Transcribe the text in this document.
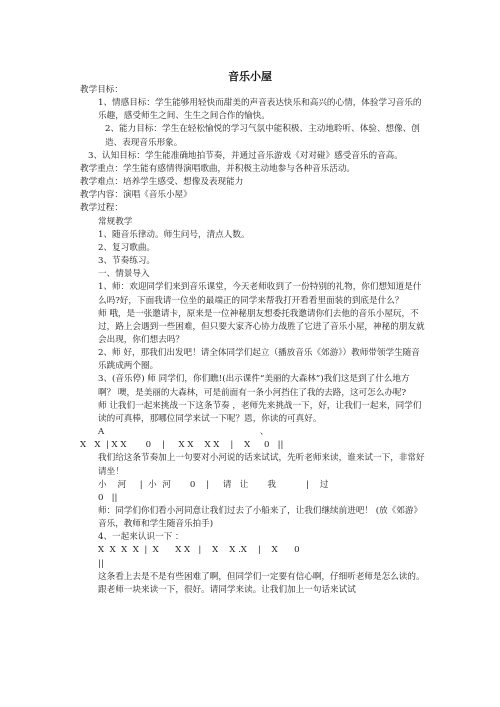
音乐小屋
教学目标：
1、情感目标：学生能够用轻快而甜美的声音表达快乐和高兴的心情，体验学习音乐的乐趣，感受师生之间、生生之间合作的愉快。
2、能力目标：学生在轻松愉悦的学习气氛中能积极、主动地聆听、体验、想像、创造、表现音乐形象。
3、认知目标：学生能准确地拍节奏，并通过音乐游戏《对对碰》感受音乐的音高。
教学重点：学生能有感情得演唱歌曲，并积极主动地参与各种音乐活动。
教学难点：培养学生感受、想像及表现能力
教学内容：演唱《音乐小屋》
教学过程：
常规教学
1、随音乐律动。师生问号，清点人数。
2、复习歌曲。
3、节奏练习。
一、情景导入
1、师：欢迎同学们来到音乐课堂，今天老师收到了一份特别的礼物，你们想知道是什么吗?好，下面我请一位坐的最端正的同学来帮我打开看看里面装的到底是什么？
师 哦，是一张邀请卡，原来是一位神秘朋友想委托我邀请你们去他的音乐小屋玩，不过，路上会遇到一些困难，但只要大家齐心协力战胜了它进了音乐小屋，神秘的朋友就会出现，你们想去吗？
2、师 好，那我们出发吧！请全体同学们起立（播放音乐《郊游》）教师带领学生随音乐跳成两个圈。
3、(音乐停) 师 同学们，你们瞧!(出示课件“美丽的大森林”)我们这是到了什么地方啊？ 噢，是美丽的大森林，可是前面有一条小河挡住了我的去路，这可怎么办呢?
师 让我们一起来挑战一下这条节奏 ，老师先来挑战一下，好，让我们一起来，同学们读的可真棒，那哪位同学来试一下呢？恩，你读的可真好。
A                                                         、
X   X  | X X       0    |     X X    X X    |    X     0   ||
我们给这条节奏加上一句要对小河说的话来试试，先听老师来读，谁来试一下，非常好请坐！
小    河     |  小  河       0    |     请   让       我           |    过
0   ||
师：同学们你们看小河同意让我们过去了小船来了，让我们继续前进吧！ (放《郊游》音乐，教师和学生随音乐拍手)
4、一起来认识一下 ：
X  X  X  X  |  X      X X   |    X    X .X    |    X      0
||
这条看上去是不是有些困难了啊，但同学们一定要有信心啊，仔细听老师是怎么读的。跟老师一块来读一下，很好。请同学来读。让我们加上一句话来试试
